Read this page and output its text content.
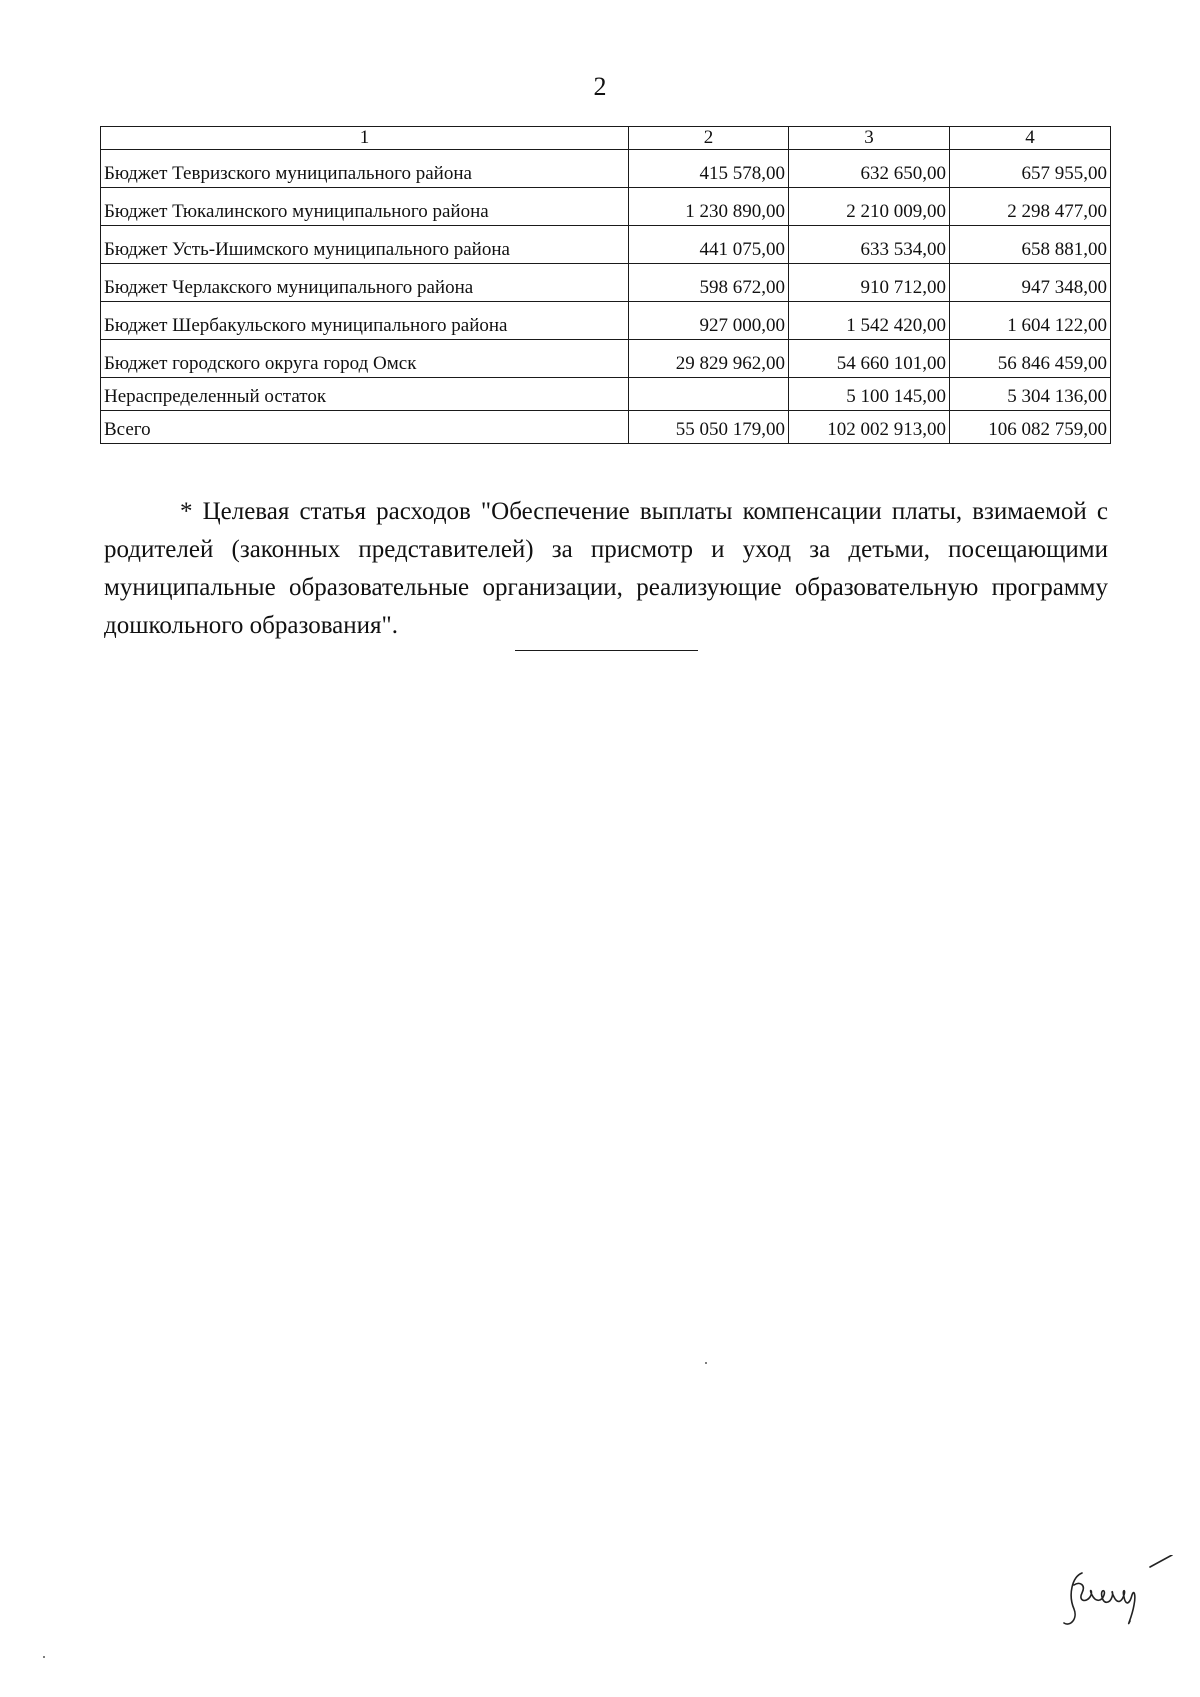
2
1	2	3	4
Бюджет Тевризского муниципального района	415 578,00	632 650,00	657 955,00
Бюджет Тюкалинского муниципального района	1 230 890,00	2 210 009,00	2 298 477,00
Бюджет Усть-Ишимского муниципального района	441 075,00	633 534,00	658 881,00
Бюджет Черлакского муниципального района	598 672,00	910 712,00	947 348,00
Бюджет Шербакульского муниципального района	927 000,00	1 542 420,00	1 604 122,00
Бюджет городского округа город Омск	29 829 962,00	54 660 101,00	56 846 459,00
Нераспределенный остаток		5 100 145,00	5 304 136,00
Всего	55 050 179,00	102 002 913,00	106 082 759,00

* Целевая статья расходов "Обеспечение выплаты компенсации платы, взимаемой с родителей (законных представителей) за присмотр и уход за детьми, посещающими муниципальные образовательные организации, реализующие образовательную программу дошкольного образования".
